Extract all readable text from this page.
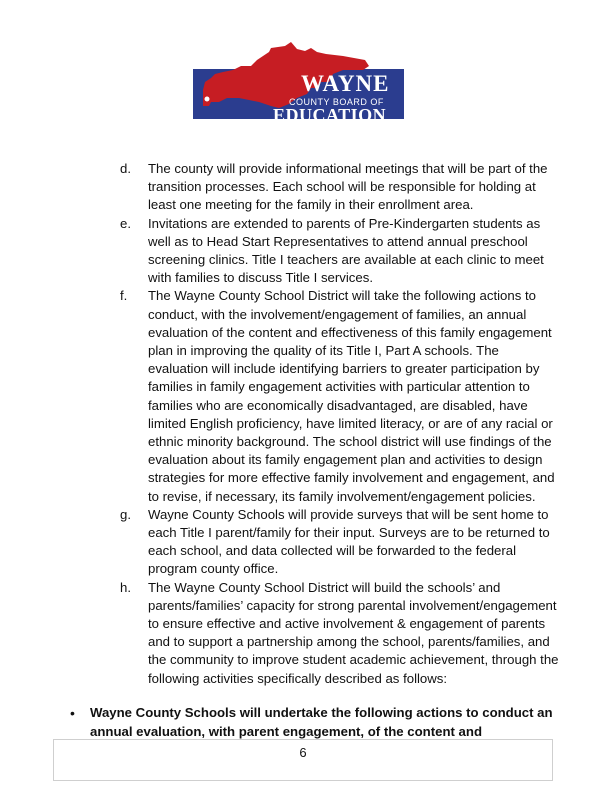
WAYNE
COUNTY BOARD OF
EDUCATION
d. The county will provide informational meetings that will be part of the transition processes. Each school will be responsible for holding at least one meeting for the family in their enrollment area.
e. Invitations are extended to parents of Pre-Kindergarten students as well as to Head Start Representatives to attend annual preschool screening clinics. Title I teachers are available at each clinic to meet with families to discuss Title I services.
f. The Wayne County School District will take the following actions to conduct, with the involvement/engagement of families, an annual evaluation of the content and effectiveness of this family engagement plan in improving the quality of its Title I, Part A schools. The evaluation will include identifying barriers to greater participation by families in family engagement activities with particular attention to families who are economically disadvantaged, are disabled, have limited English proficiency, have limited literacy, or are of any racial or ethnic minority background. The school district will use findings of the evaluation about its family engagement plan and activities to design strategies for more effective family involvement and engagement, and to revise, if necessary, its family involvement/engagement policies.
g. Wayne County Schools will provide surveys that will be sent home to each Title I parent/family for their input. Surveys are to be returned to each school, and data collected will be forwarded to the federal program county office.
h. The Wayne County School District will build the schools’ and parents/families’ capacity for strong parental involvement/engagement to ensure effective and active involvement & engagement of parents and to support a partnership among the school, parents/families, and the community to improve student academic achievement, through the following activities specifically described as follows:
• Wayne County Schools will undertake the following actions to conduct an annual evaluation, with parent engagement, of the content and
6
